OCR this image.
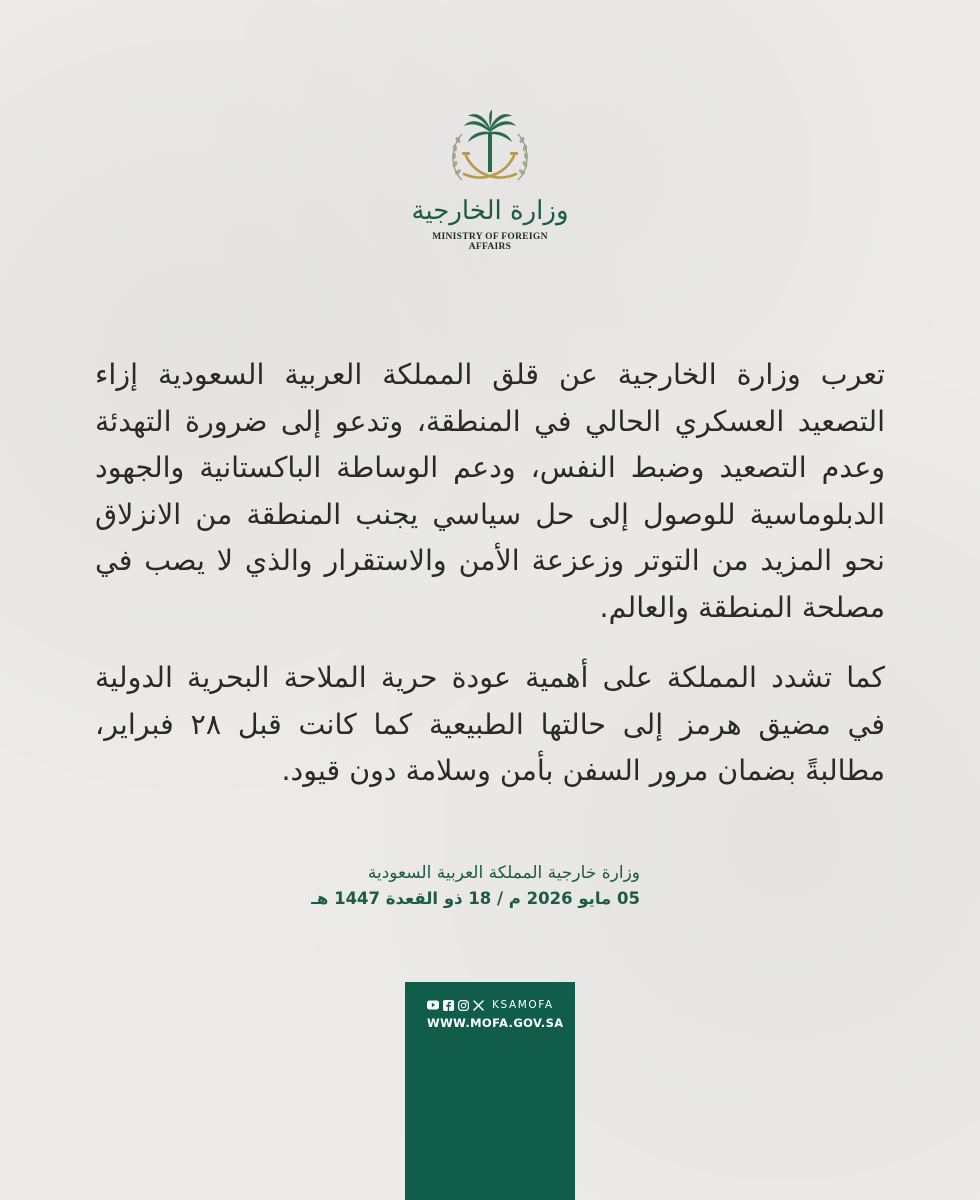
وزارة الخارجية
MINISTRY OF FOREIGN AFFAIRS

تعرب وزارة الخارجية عن قلق المملكة العربية السعودية إزاء التصعيد العسكري الحالي في المنطقة، وتدعو إلى ضرورة التهدئة وعدم التصعيد وضبط النفس، ودعم الوساطة الباكستانية والجهود الدبلوماسية للوصول إلى حل سياسي يجنب المنطقة من الانزلاق نحو المزيد من التوتر وزعزعة الأمن والاستقرار والذي لا يصب في مصلحة المنطقة والعالم.

كما تشدد المملكة على أهمية عودة حرية الملاحة البحرية الدولية في مضيق هرمز إلى حالتها الطبيعية كما كانت قبل ٢٨ فبراير، مطالبةً بضمان مرور السفن بأمن وسلامة دون قيود.

وزارة خارجية المملكة العربية السعودية
05 مايو 2026 م / 18 ذو القعدة 1447 هـ
KSAMOFA
WWW.MOFA.GOV.SA
